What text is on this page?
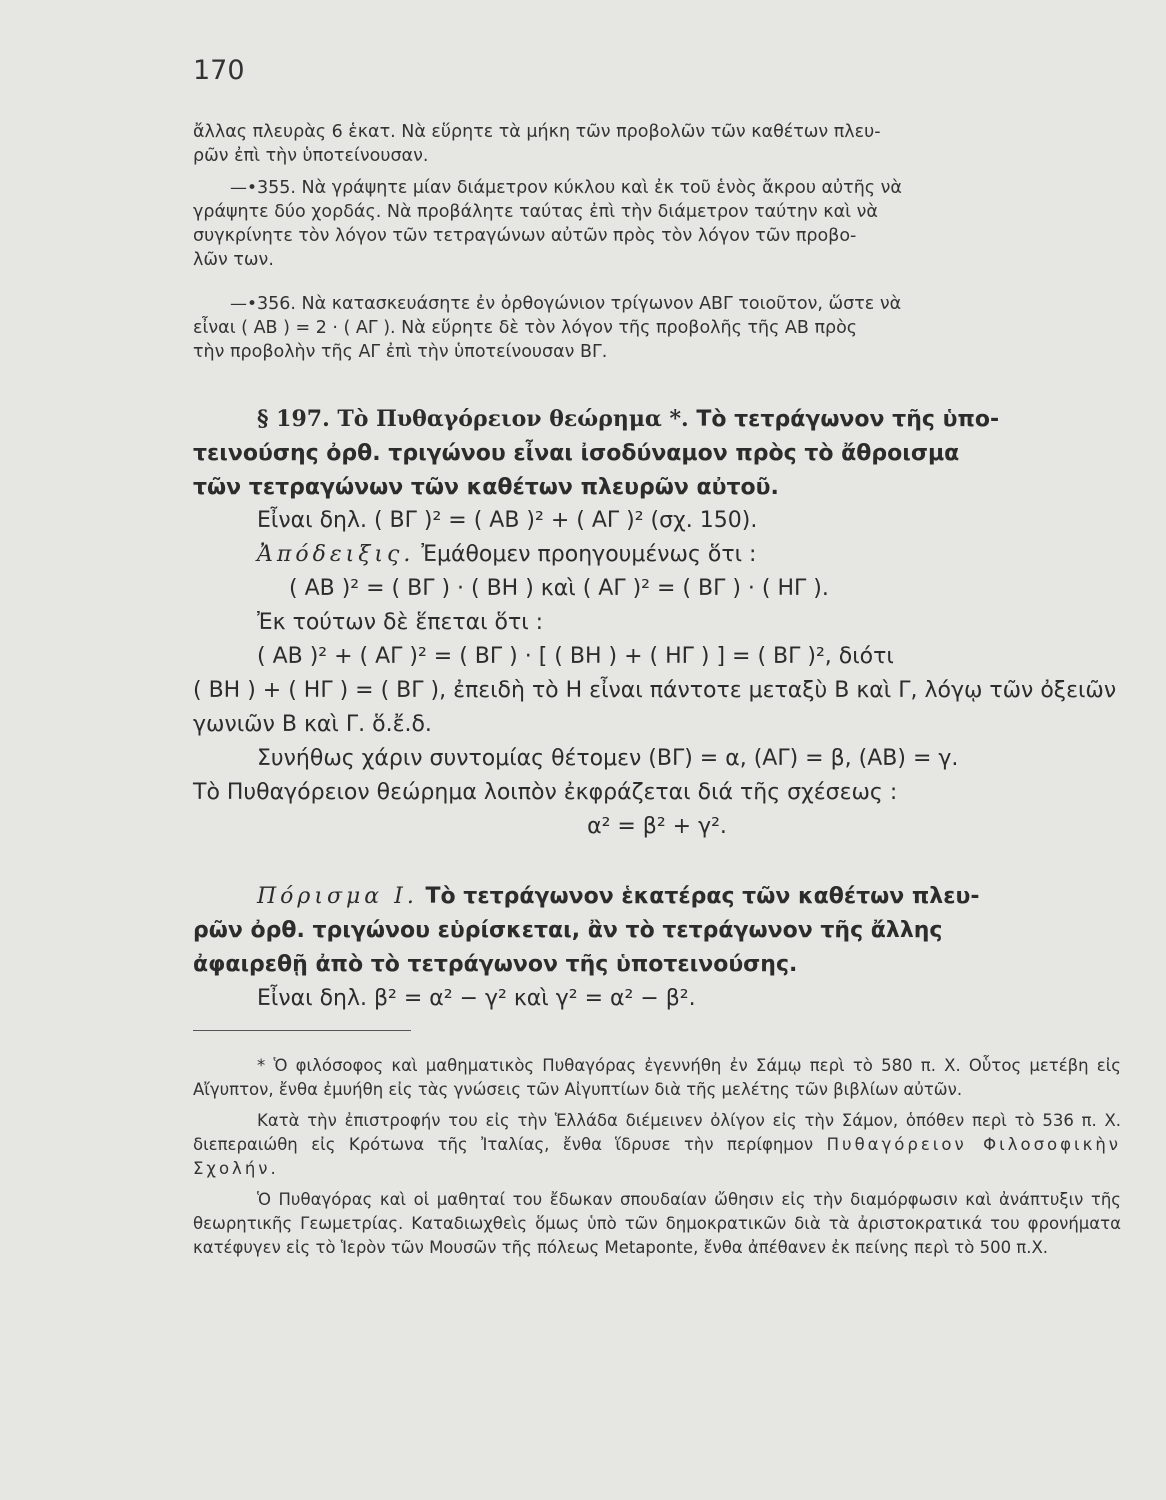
170
ἄλλας πλευρὰς 6 ἑκατ. Νὰ εὕρητε τὰ μήκη τῶν προβολῶν τῶν καθέτων πλευ-
ρῶν ἐπὶ τὴν ὑποτείνουσαν.
—• 355. Νὰ γράψητε μίαν διάμετρον κύκλου καὶ ἐκ τοῦ ἑνὸς ἄκρου αὐτῆς νὰ
γράψητε δύο χορδάς. Νὰ προβάλητε ταύτας ἐπὶ τὴν διάμετρον ταύτην καὶ νὰ
συγκρίνητε τὸν λόγον τῶν τετραγώνων αὐτῶν πρὸς τὸν λόγον τῶν προβο-
λῶν των.
—• 356. Νὰ κατασκευάσητε ἐν ὀρθογώνιον τρίγωνον ΑΒΓ τοιοῦτον, ὥστε νὰ
εἶναι ( ΑΒ ) = 2 · ( ΑΓ ). Νὰ εὕρητε δὲ τὸν λόγον τῆς προβολῆς τῆς ΑΒ πρὸς
τὴν προβολὴν τῆς ΑΓ ἐπὶ τὴν ὑποτείνουσαν ΒΓ.
§ 197. Τὸ Πυθαγόρειον θεώρημα *. Τὸ τετράγωνον τῆς ὑπο-
τεινούσης ὀρθ. τριγώνου εἶναι ἰσοδύναμον πρὸς τὸ ἄθροισμα
τῶν τετραγώνων τῶν καθέτων πλευρῶν αὐτοῦ.
Εἶναι δηλ. ( ΒΓ )² = ( ΑΒ )² + ( ΑΓ )² (σχ. 150).
Ἀπόδειξις. Ἐμάθομεν προηγουμένως ὅτι :
( ΑΒ )² = ( ΒΓ ) · ( ΒΗ ) καὶ ( ΑΓ )² = ( ΒΓ ) · ( ΗΓ ).
Ἐκ τούτων δὲ ἕπεται ὅτι :
( ΑΒ )² + ( ΑΓ )² = ( ΒΓ ) · [ ( ΒΗ ) + ( ΗΓ ) ] = ( ΒΓ )², διότι
( ΒΗ ) + ( ΗΓ ) = ( ΒΓ ), ἐπειδὴ τὸ Η εἶναι πάντοτε μεταξὺ Β καὶ Γ, λόγῳ τῶν ὀξειῶν γωνιῶν Β καὶ Γ. ὅ.ἔ.δ.
Συνήθως χάριν συντομίας θέτομεν (ΒΓ) = α, (ΑΓ) = β, (ΑΒ) = γ.
Τὸ Πυθαγόρειον θεώρημα λοιπὸν ἐκφράζεται διά τῆς σχέσεως :
α² = β² + γ².
Πόρισμα Ι. Τὸ τετράγωνον ἑκατέρας τῶν καθέτων πλευ-
ρῶν ὀρθ. τριγώνου εὑρίσκεται, ἂν τὸ τετράγωνον τῆς ἄλλης
ἀφαιρεθῇ ἀπὸ τὸ τετράγωνον τῆς ὑποτεινούσης.
Εἶναι δηλ. β² = α² − γ² καὶ γ² = α² − β².

* Ὁ φιλόσοφος καὶ μαθηματικὸς Πυθαγόρας ἐγεννήθη ἐν Σάμῳ περὶ τὸ 580 π. Χ. Οὗτος μετέβη εἰς Αἴγυπτον, ἔνθα ἐμυήθη εἰς τὰς γνώσεις τῶν Αἰγυπτίων διὰ τῆς μελέτης τῶν βιβλίων αὐτῶν.

Κατὰ τὴν ἐπιστροφήν του εἰς τὴν Ἑλλάδα διέμεινεν ὀλίγον εἰς τὴν Σάμον, ὁπόθεν περὶ τὸ 536 π. Χ. διεπεραιώθη εἰς Κρότωνα τῆς Ἰταλίας, ἔνθα ἵδρυσε τὴν περίφημον Πυθαγόρειον Φιλοσοφικὴν Σχολήν.

Ὁ Πυθαγόρας καὶ οἱ μαθηταί του ἔδωκαν σπουδαίαν ὤθησιν εἰς τὴν διαμόρφωσιν καὶ ἀνάπτυξιν τῆς θεωρητικῆς Γεωμετρίας. Καταδιωχθεὶς ὅμως ὑπὸ τῶν δημοκρατικῶν διὰ τὰ ἀριστοκρατικά του φρονήματα κατέφυγεν εἰς τὸ Ἱερὸν τῶν Μουσῶν τῆς πόλεως Metaponte, ἔνθα ἀπέθανεν ἐκ πείνης περὶ τὸ 500 π.Χ.
